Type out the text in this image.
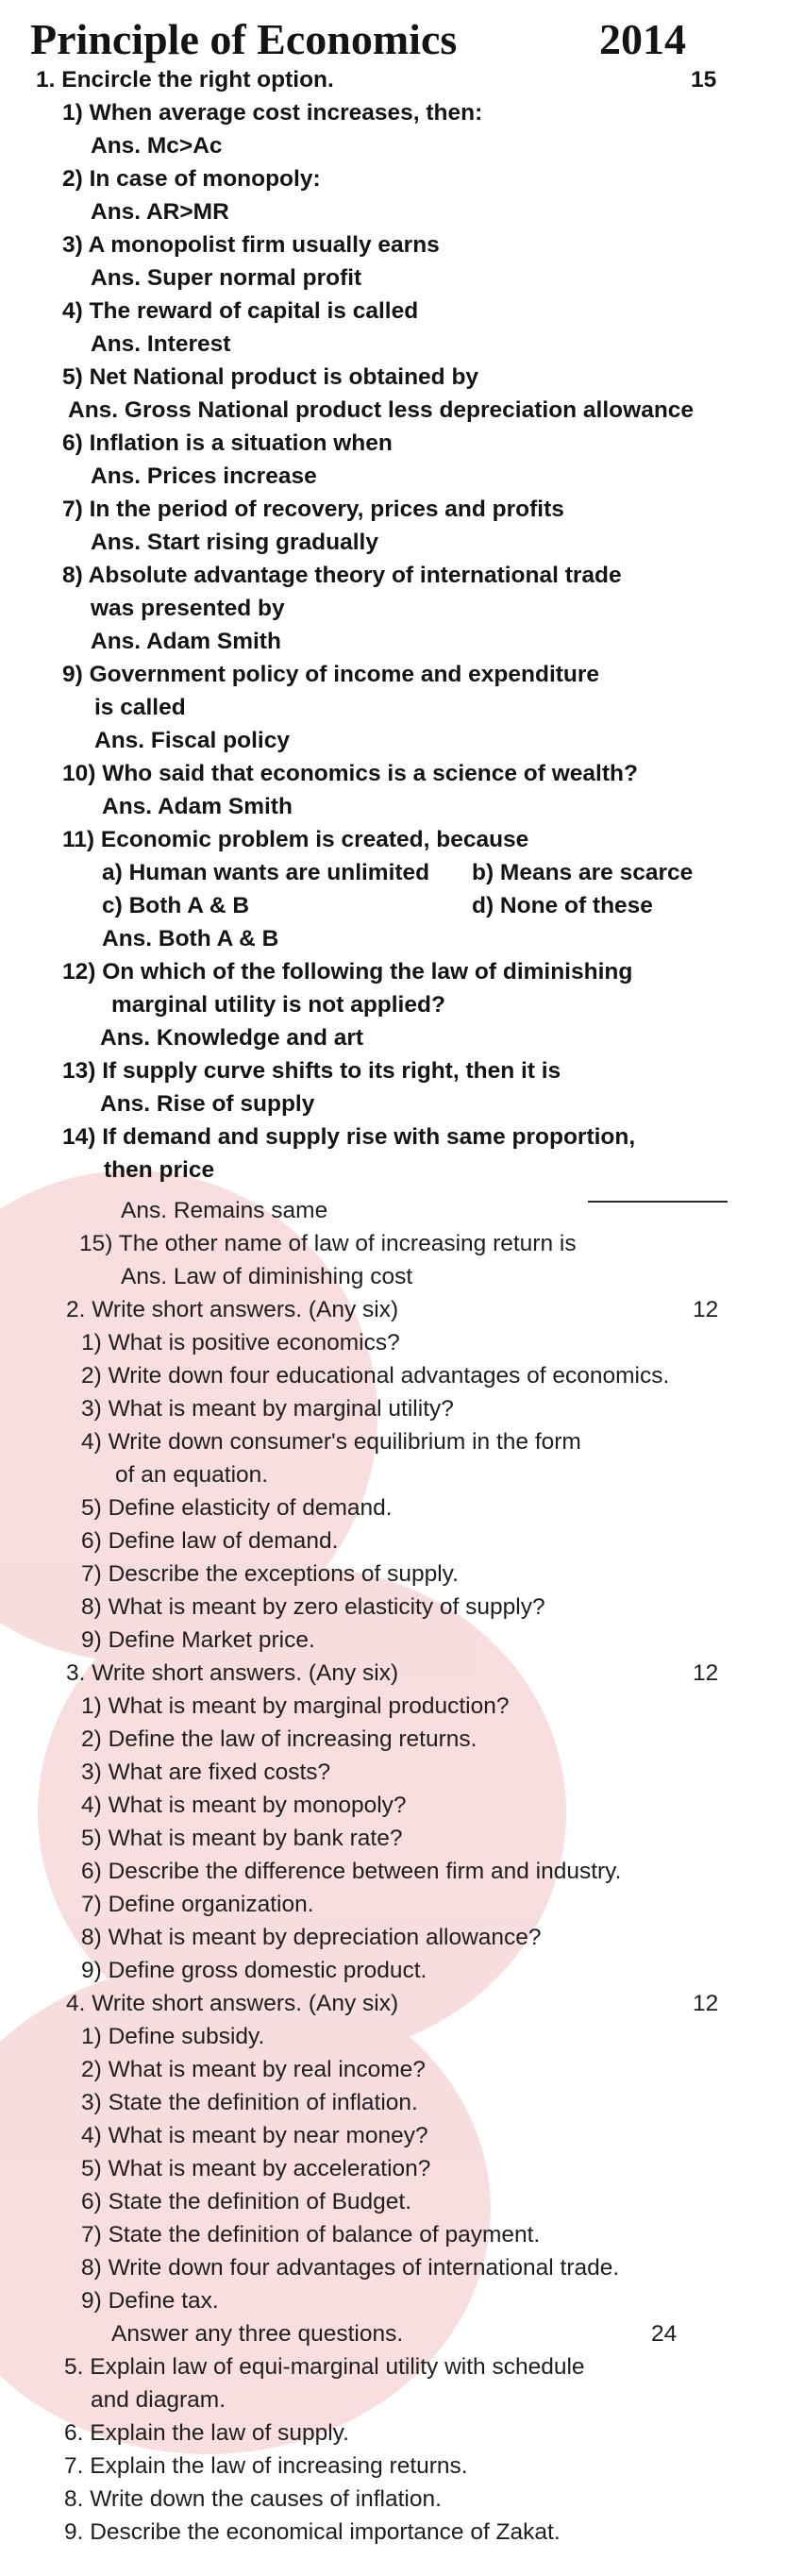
Principle of Economics	2014
1. Encircle the right option.	15
1) When average cost increases, then:
Ans. Mc>Ac
2) In case of monopoly:
Ans. AR>MR
3) A monopolist firm usually earns
Ans. Super normal profit
4) The reward of capital is called
Ans. Interest
5) Net National product is obtained by
Ans. Gross National product less depreciation allowance
6) Inflation is a situation when
Ans. Prices increase
7) In the period of recovery, prices and profits
Ans. Start rising gradually
8) Absolute advantage theory of international trade
was presented by
Ans. Adam Smith
9) Government policy of income and expenditure
is called
Ans. Fiscal policy
10) Who said that economics is a science of wealth?
Ans. Adam Smith
11) Economic problem is created, because
a) Human wants are unlimited b) Means are scarce
c) Both A & B	d) None of these
Ans. Both A & B
12) On which of the following the law of diminishing
marginal utility is not applied?
Ans. Knowledge and art
13) If supply curve shifts to its right, then it is
Ans. Rise of supply
14) If demand and supply rise with same proportion,
then price
Ans. Remains same
15) The other name of law of increasing return is
Ans. Law of diminishing cost
2. Write short answers. (Any six)	12
1) What is positive economics?
2) Write down four educational advantages of economics.
3) What is meant by marginal utility?
4) Write down consumer's equilibrium in the form
of an equation.
5) Define elasticity of demand.
6) Define law of demand.
7) Describe the exceptions of supply.
8) What is meant by zero elasticity of supply?
9) Define Market price.
3. Write short answers. (Any six)	12
1) What is meant by marginal production?
2) Define the law of increasing returns.
3) What are fixed costs?
4) What is meant by monopoly?
5) What is meant by bank rate?
6) Describe the difference between firm and industry.
7) Define organization.
8) What is meant by depreciation allowance?
9) Define gross domestic product.
4. Write short answers. (Any six)	12
1) Define subsidy.
2) What is meant by real income?
3) State the definition of inflation.
4) What is meant by near money?
5) What is meant by acceleration?
6) State the definition of Budget.
7) State the definition of balance of payment.
8) Write down four advantages of international trade.
9) Define tax.
Answer any three questions.	24
5. Explain law of equi-marginal utility with schedule
and diagram.
6. Explain the law of supply.
7. Explain the law of increasing returns.
8. Write down the causes of inflation.
9. Describe the economical importance of Zakat.
